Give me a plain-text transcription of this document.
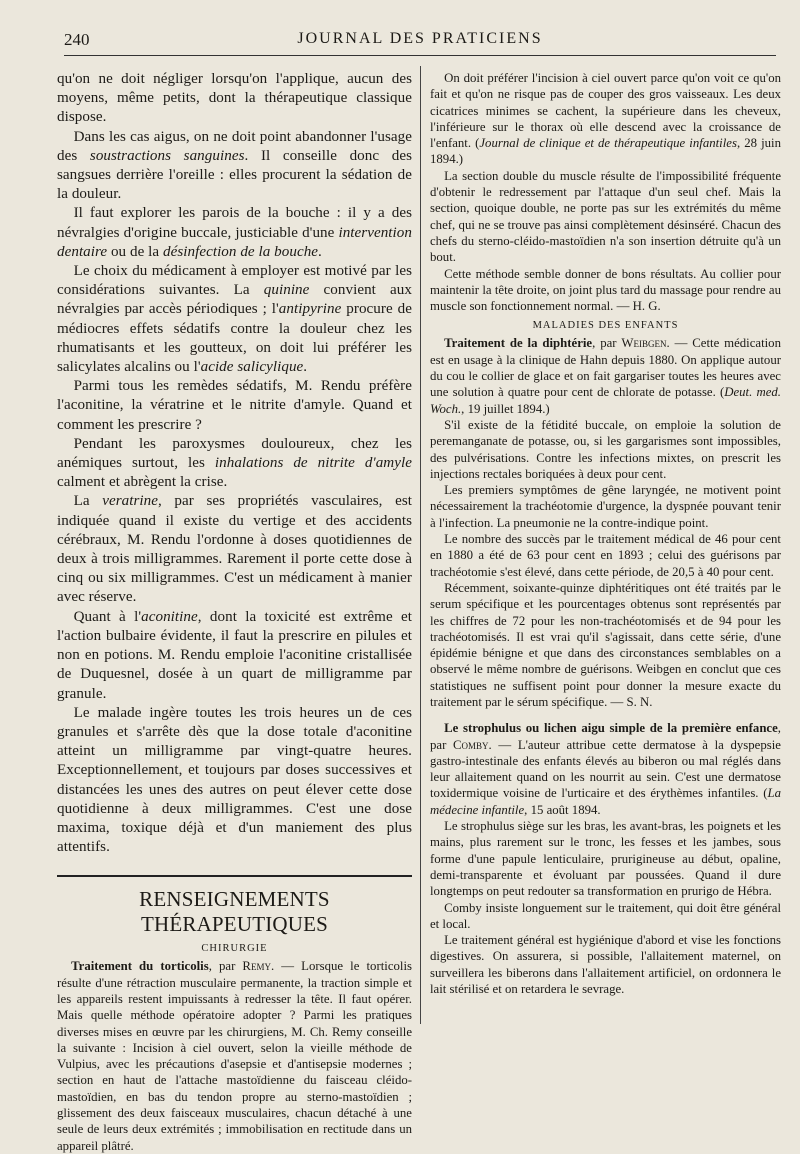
240	JOURNAL DES PRATICIENS

qu'on ne doit négliger lorsqu'on l'applique, aucun des moyens, même petits, dont la thérapeutique classique dispose.

Dans les cas aigus, on ne doit point abandonner l'usage des soustractions sanguines. Il conseille donc des sangsues derrière l'oreille : elles procurent la sédation de la douleur.

Il faut explorer les parois de la bouche : il y a des névralgies d'origine buccale, justiciable d'une intervention dentaire ou de la désinfection de la bouche.

Le choix du médicament à employer est motivé par les considérations suivantes. La quinine convient aux névralgies par accès périodiques ; l'antipyrine procure de médiocres effets sédatifs contre la douleur chez les rhumatisants et les goutteux, on doit lui préférer les salicylates alcalins ou l'acide salicylique.

Parmi tous les remèdes sédatifs, M. Rendu préfère l'aconitine, la vératrine et le nitrite d'amyle. Quand et comment les prescrire ?

Pendant les paroxysmes douloureux, chez les anémiques surtout, les inhalations de nitrite d'amyle calment et abrègent la crise.

La veratrine, par ses propriétés vasculaires, est indiquée quand il existe du vertige et des accidents cérébraux, M. Rendu l'ordonne à doses quotidiennes de deux à trois milligrammes. Rarement il porte cette dose à cinq ou six milligrammes. C'est un médicament à manier avec réserve.

Quant à l'aconitine, dont la toxicité est extrême et l'action bulbaire évidente, il faut la prescrire en pilules et non en potions. M. Rendu emploie l'aconitine cristallisée de Duquesnel, dosée à un quart de milligramme par granule.

Le malade ingère toutes les trois heures un de ces granules et s'arrête dès que la dose totale d'aconitine atteint un milligramme par vingt-quatre heures. Exceptionnellement, et toujours par doses successives et distancées les unes des autres on peut élever cette dose quotidienne à deux milligrammes. C'est une dose maxima, toxique déjà et d'un maniement des plus attentifs.

RENSEIGNEMENTS THÉRAPEUTIQUES
CHIRURGIE

Traitement du torticolis, par Remy. — Lorsque le torticolis résulte d'une rétraction musculaire permanente, la traction simple et les appareils restent impuissants à redresser la tête. Il faut opérer. Mais quelle méthode opératoire adopter ? Parmi les pratiques diverses mises en œuvre par les chirurgiens, M. Ch. Remy conseille la suivante : Incision à ciel ouvert, selon la vieille méthode de Vulpius, avec les précautions d'asepsie et d'antisepsie modernes ; section en haut de l'attache mastoïdienne du faisceau cléido-mastoïdien, en bas du tendon propre au sterno-mastoïdien ; glissement des deux faisceaux musculaires, chacun détaché à une seule de leurs deux extrémités ; immobilisation en rectitude dans un appareil plâtré.

On doit préférer l'incision à ciel ouvert parce qu'on voit ce qu'on fait et qu'on ne risque pas de couper des gros vaisseaux. Les deux cicatrices minimes se cachent, la supérieure dans les cheveux, l'inférieure sur le thorax où elle descend avec la croissance de l'enfant. (Journal de clinique et de thérapeutique infantiles, 28 juin 1894.)

La section double du muscle résulte de l'impossibilité fréquente d'obtenir le redressement par l'attaque d'un seul chef. Mais la section, quoique double, ne porte pas sur les extrémités du même chef, qui ne se trouve pas ainsi complètement désinséré. Chacun des chefs du sterno-cléido-mastoïdien n'a son insertion détruite qu'à un bout.

Cette méthode semble donner de bons résultats. Au collier pour maintenir la tête droite, on joint plus tard du massage pour rendre au muscle son fonctionnement normal. — H. G.

MALADIES DES ENFANTS

Traitement de la diphtérie, par Weibgen. — Cette médication est en usage à la clinique de Hahn depuis 1880. On applique autour du cou le collier de glace et on fait gargariser toutes les heures avec une solution à quatre pour cent de chlorate de potasse. (Deut. med. Woch., 19 juillet 1894.)

S'il existe de la fétidité buccale, on emploie la solution de peremanganate de potasse, ou, si les gargarismes sont impossibles, des pulvérisations. Contre les infections mixtes, on prescrit les injections rectales boriquées à deux pour cent.

Les premiers symptômes de gêne laryngée, ne motivent point nécessairement la trachéotomie d'urgence, la dyspnée pouvant tenir à l'infection. La pneumonie ne la contre-indique point.

Le nombre des succès par le traitement médical de 46 pour cent en 1880 a été de 63 pour cent en 1893 ; celui des guérisons par trachéotomie s'est élevé, dans cette période, de 20,5 à 40 pour cent.

Récemment, soixante-quinze diphtéritiques ont été traités par le serum spécifique et les pourcentages obtenus sont représentés par les chiffres de 72 pour les non-trachéotomisés et de 94 pour les trachéotomisés. Il est vrai qu'il s'agissait, dans cette série, d'une épidémie bénigne et que dans des circonstances semblables on a observé le même nombre de guérisons. Weibgen en conclut que ces statistiques ne suffisent point pour donner la mesure exacte du traitement par le sérum spécifique. — S. N.

Le strophulus ou lichen aigu simple de la première enfance, par Comby. — L'auteur attribue cette dermatose à la dyspepsie gastro-intestinale des enfants élevés au biberon ou mal réglés dans leur allaitement quand on les nourrit au sein. C'est une dermatose toxidermique voisine de l'urticaire et des érythèmes infantiles. (La médecine infantile, 15 août 1894.

Le strophulus siège sur les bras, les avant-bras, les poignets et les mains, plus rarement sur le tronc, les fesses et les jambes, sous forme d'une papule lenticulaire, prurigineuse au début, opaline, demi-transparente et évoluant par poussées. Quand il dure longtemps on peut redouter sa transformation en prurigo de Hébra.

Comby insiste longuement sur le traitement, qui doit être général et local.

Le traitement général est hygiénique d'abord et vise les fonctions digestives. On assurera, si possible, l'allaitement maternel, on surveillera les biberons dans l'allaitement artificiel, on ordonnera le lait stérilisé et on retardera le sevrage.
